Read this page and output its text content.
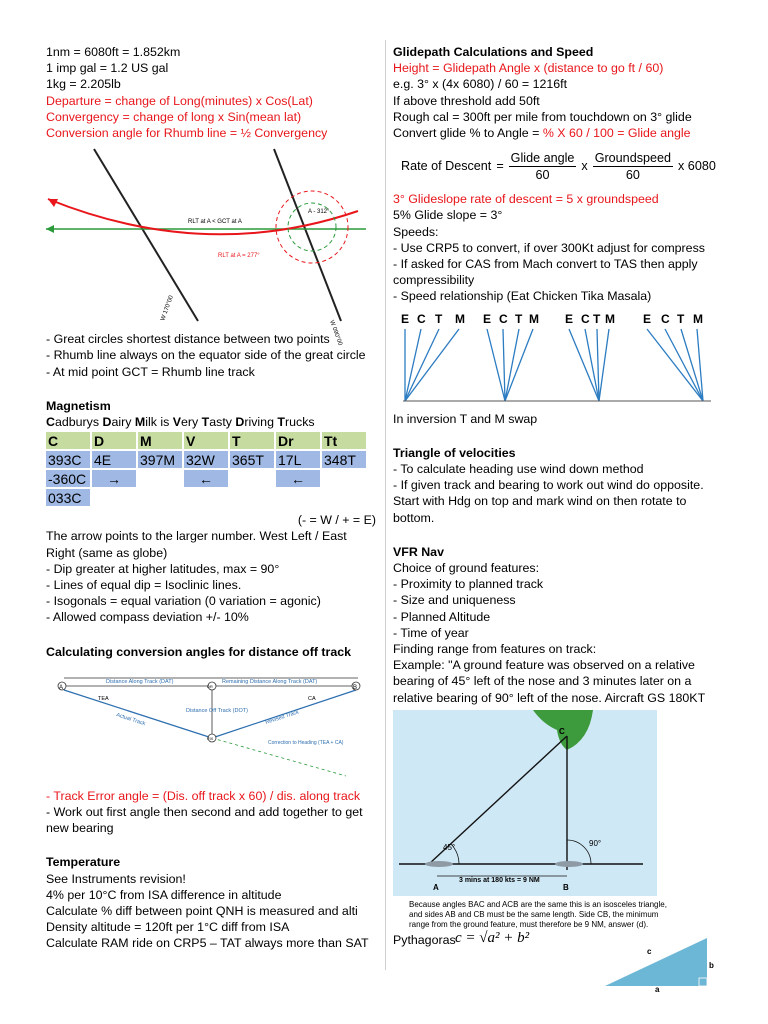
1nm = 6080ft = 1.852km
1 imp gal = 1.2 US gal
1kg = 2.205lb
Departure = change of Long(minutes) x Cos(Lat)
Convergency = change of long x Sin(mean lat)
Conversion angle for Rhumb line = ½ Convergency
RLT at A < GCT at A
A - 312°
RLT at A = 277°
W 170°00
W 090°00
- Great circles shortest distance between two points
- Rhumb line always on the equator side of the great circle
- At mid point GCT = Rhumb line track
Magnetism
Cadburys Dairy Milk is Very Tasty Driving Trucks
C	D	M	V	T	Dr	Tt
393C	4E	397M	32W	365T	17L	348T
-360C	→		←		←	
033C						
(- = W / + = E)
The arrow points to the larger number. West Left / East Right (same as globe)
- Dip greater at higher latitudes, max = 90°
- Lines of equal dip = Isoclinic lines.
- Isogonals = equal variation (0 variation = agonic)
- Allowed compass deviation +/- 10%
Calculating conversion angles for distance off track
A	B
DR
FIX
Distance Along Track (DAT)	Remaining Distance Along Track (DAT)
TEA	CA
Actual Track
Distance Off Track (DOT)	Revised Track
Correction to Heading (TEA + CA)
- Track Error angle = (Dis. off track x 60) / dis. along track
- Work out first angle then second and add together to get new bearing
Temperature
See Instruments revision!
4% per 10°C from ISA difference in altitude
Calculate % diff between point QNH is measured and alti
Density altitude = 120ft per 1°C diff from ISA
Calculate RAM ride on CRP5 – TAT always more than SAT
Glidepath Calculations and Speed
Height = Glidepath Angle x (distance to go ft / 60)
e.g. 3° x (4x 6080) / 60 = 1216ft
If above threshold add 50ft
Rough cal = 300ft per mile from touchdown on 3° glide
Convert glide % to Angle = % X 60 / 100 = Glide angle
Rate of Descent =
Glide angle
60
x
Groundspeed
60
x 6080
3° Glideslope rate of descent = 5 x groundspeed
5% Glide slope = 3°
Speeds:
- Use CRP5 to convert, if over 300Kt adjust for compress
- If asked for CAS from Mach convert to TAS then apply compressibility
- Speed relationship (Eat Chicken Tika Masala)
E C T M E C T M E C T M E C T M
In inversion T and M swap
Triangle of velocities
- To calculate heading use wind down method
- If given track and bearing to work out wind do opposite. Start with Hdg on top and mark wind on then rotate to bottom.
VFR Nav
Choice of ground features:
- Proximity to planned track
- Size and uniqueness
- Planned Altitude
- Time of year
Finding range from features on track:
Example: "A ground feature was observed on a relative bearing of 45° left of the nose and 3 minutes later on a relative bearing of 90° left of the nose. Aircraft GS 180KT
C
A	B
45°	90°
3 mins at 180 kts = 9 NM
Because angles BAC and ACB are the same this is an isosceles triangle, and sides AB and CB must be the same length. Side CB, the minimum range from the ground feature, must therefore be 9 NM, answer (d).
Pythagoras c = √a² + b²
c
b
a
